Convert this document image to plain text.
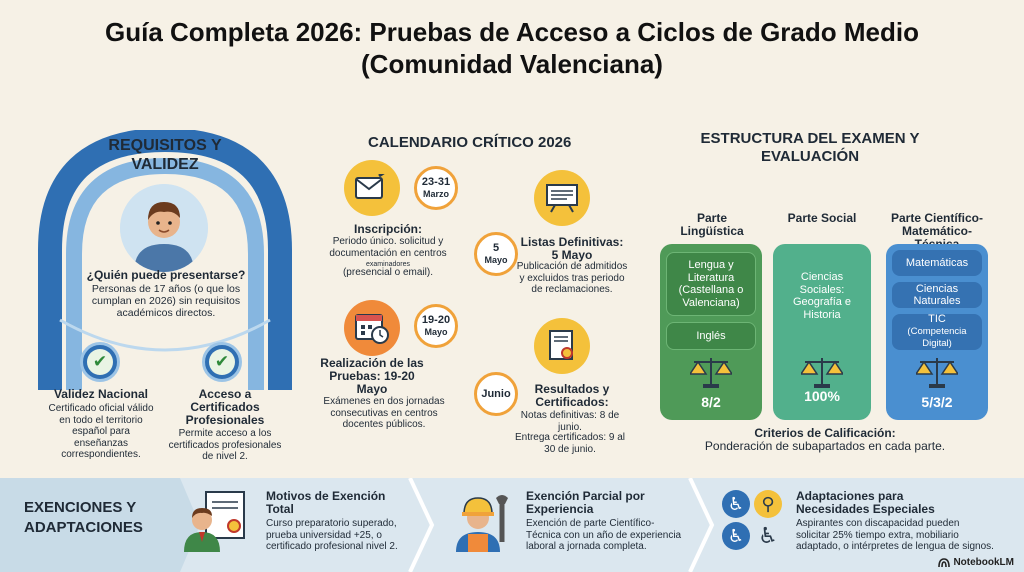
Guía Completa 2026: Pruebas de Acceso a Ciclos de Grado Medio
(Comunidad Valenciana)
REQUISITOS Y VALIDEZ
¿Quién puede presentarse?
Personas de 17 años (o que los cumplan en 2026) sin requisitos académicos directos.
✔	✔
Validez Nacional
Certificado oficial válido en todo el territorio español para enseñanzas correspondientes.
Acceso a Certificados Profesionales
Permite acceso a los certificados profesionales de nivel 2.
CALENDARIO CRÍTICO 2026
23-31
Marzo
Inscripción:
Periodo único. solicitud y documentación en centros
examinadores
(presencial o email).
5
Mayo
Listas Definitivas: 5 Mayo
Publicación de admitidos y excluidos tras periodo de reclamaciones.
19-20
Mayo
Realización de las Pruebas: 19-20 Mayo
Exámenes en dos jornadas consecutivas en centros docentes públicos.
Junio	Resultados y Certificados:
Notas definitivas: 8 de junio.
Entrega certificados: 9 al 30 de junio.
ESTRUCTURA DEL EXAMEN Y EVALUACIÓN
Parte Lingüística
Parte Social	Parte Científico-Matemático-
Lengua y Literatura (Castellana o Valenciana)
Inglés
8/2
Ciencias Sociales: Geografía e Historia
100%
Matemáticas
Ciencias Naturales
TIC
(Competencia Digital)
5/3/2
Criterios de Calificación:
Ponderación de subapartados en cada parte.
EXENCIONES Y ADAPTACIONES
Motivos de Exención Total
Curso preparatorio superado, prueba universidad +25, o certificado profesional nivel 2.
Exención Parcial por Experiencia
Exención de parte Científico-Técnica con un año de experiencia laboral a jornada completa.
♿ ⚲
♿ ♿
Adaptaciones para Necesidades Especiales
Aspirantes con discapacidad pueden solicitar 25% tiempo extra, mobiliario adaptado, o intérpretes de lengua de signos.
NotebookLM
